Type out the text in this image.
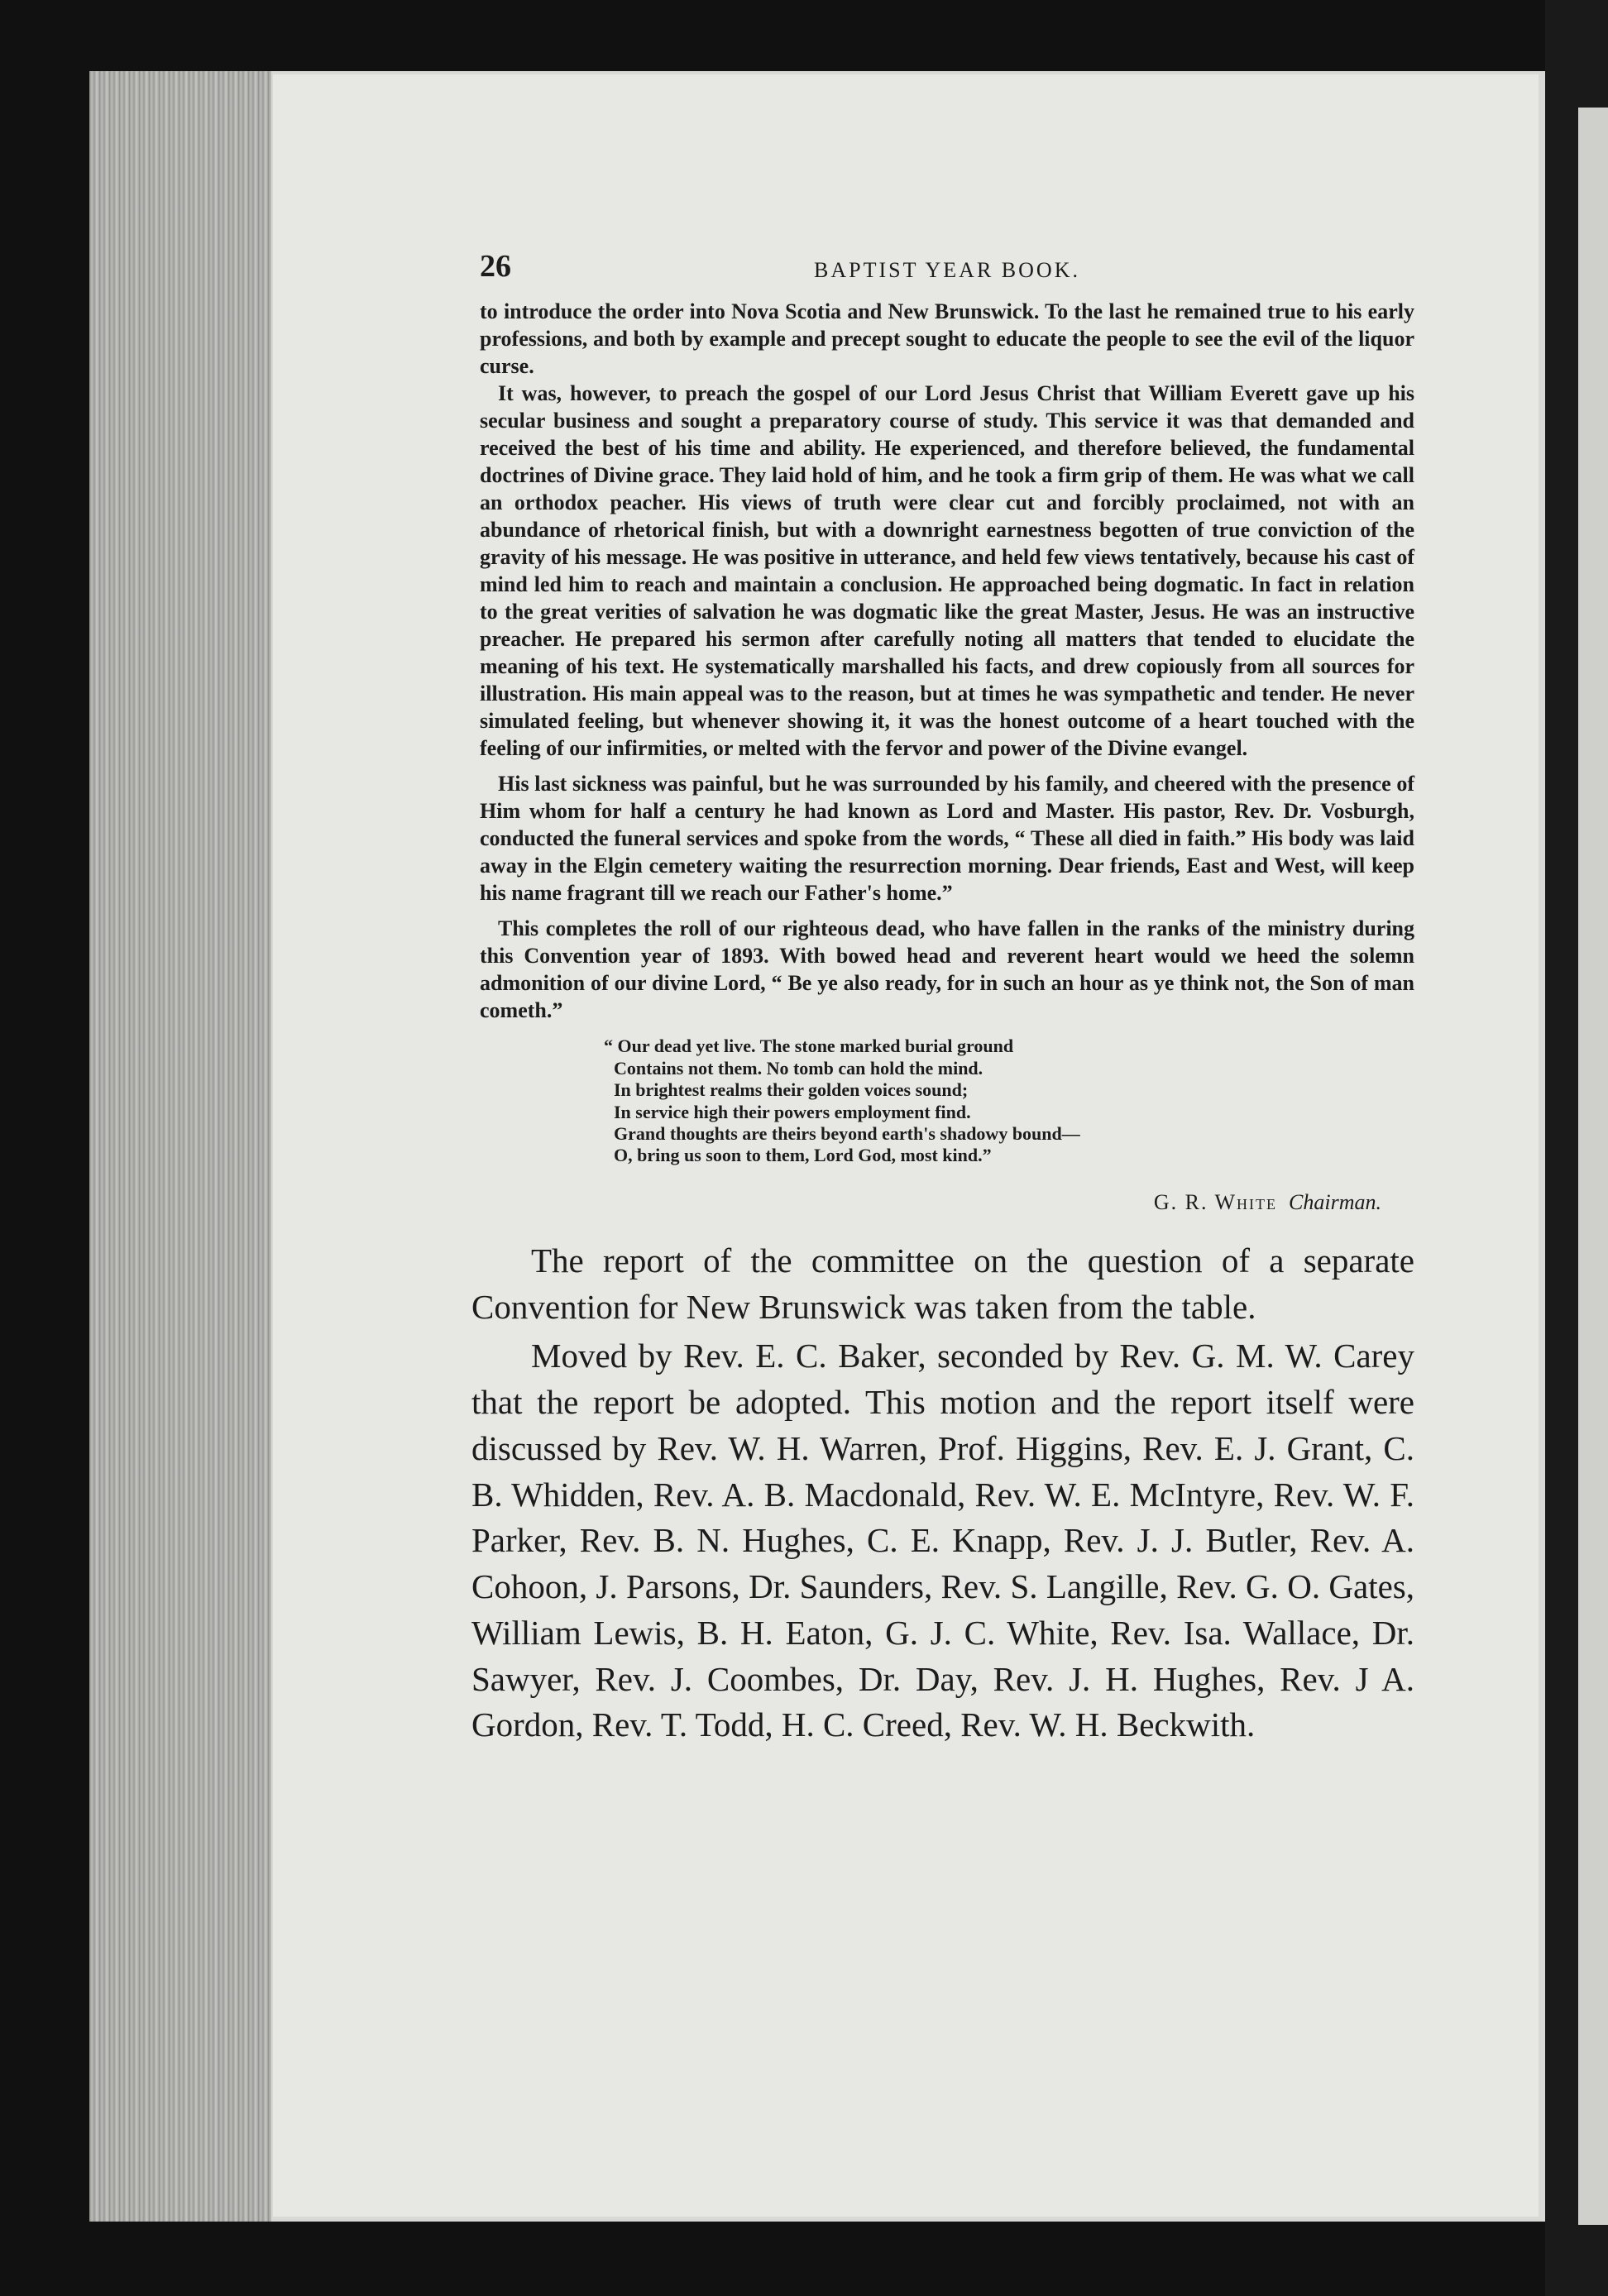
26	BAPTIST YEAR BOOK.

to introduce the order into Nova Scotia and New Brunswick. To the last he remained true to his early professions, and both by example and precept sought to educate the people to see the evil of the liquor curse.

It was, however, to preach the gospel of our Lord Jesus Christ that William Everett gave up his secular business and sought a preparatory course of study. This service it was that demanded and received the best of his time and ability. He experienced, and therefore believed, the fundamental doctrines of Divine grace. They laid hold of him, and he took a firm grip of them. He was what we call an orthodox peacher. His views of truth were clear cut and forcibly proclaimed, not with an abundance of rhetorical finish, but with a downright earnestness begotten of true conviction of the gravity of his message. He was positive in utterance, and held few views tentatively, because his cast of mind led him to reach and maintain a conclusion. He approached being dogmatic. In fact in relation to the great verities of salvation he was dogmatic like the great Master, Jesus. He was an instructive preacher. He prepared his sermon after carefully noting all matters that tended to elucidate the meaning of his text. He systematically marshalled his facts, and drew copiously from all sources for illustration. His main appeal was to the reason, but at times he was sympathetic and tender. He never simulated feeling, but whenever showing it, it was the honest outcome of a heart touched with the feeling of our infirmities, or melted with the fervor and power of the Divine evangel.

His last sickness was painful, but he was surrounded by his family, and cheered with the presence of Him whom for half a century he had known as Lord and Master. His pastor, Rev. Dr. Vosburgh, conducted the funeral services and spoke from the words, “ These all died in faith.” His body was laid away in the Elgin cemetery waiting the resurrection morning. Dear friends, East and West, will keep his name fragrant till we reach our Father's home.”

This completes the roll of our righteous dead, who have fallen in the ranks of the ministry during this Convention year of 1893. With bowed head and reverent heart would we heed the solemn admonition of our divine Lord, “ Be ye also ready, for in such an hour as ye think not, the Son of man cometh.”

“ Our dead yet live. The stone marked burial ground
Contains not them. No tomb can hold the mind.
In brightest realms their golden voices sound;
In service high their powers employment find.
Grand thoughts are theirs beyond earth's shadowy bound—
O, bring us soon to them, Lord God, most kind.”
G. R. White Chairman.

The report of the committee on the question of a separate Convention for New Brunswick was taken from the table.

Moved by Rev. E. C. Baker, seconded by Rev. G. M. W. Carey that the report be adopted. This motion and the report itself were discussed by Rev. W. H. Warren, Prof. Higgins, Rev. E. J. Grant, C. B. Whidden, Rev. A. B. Macdonald, Rev. W. E. McIntyre, Rev. W. F. Parker, Rev. B. N. Hughes, C. E. Knapp, Rev. J. J. Butler, Rev. A. Cohoon, J. Parsons, Dr. Saunders, Rev. S. Langille, Rev. G. O. Gates, William Lewis, B. H. Eaton, G. J. C. White, Rev. Isa. Wallace, Dr. Sawyer, Rev. J. Coombes, Dr. Day, Rev. J. H. Hughes, Rev. J A. Gordon, Rev. T. Todd, H. C. Creed, Rev. W. H. Beckwith.
